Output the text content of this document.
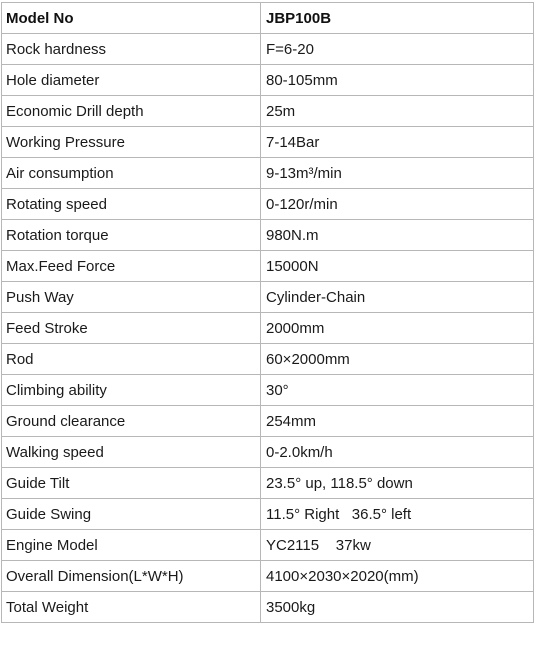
Model No	JBP100B
Rock hardness	F=6-20
Hole diameter	80-105mm
Economic Drill depth	25m
Working Pressure	7-14Bar
Air consumption	9-13m³/min
Rotating speed	0-120r/min
Rotation torque	980N.m
Max.Feed Force	15000N
Push Way	Cylinder-Chain
Feed Stroke	2000mm
Rod	60×2000mm
Climbing ability	30°
Ground clearance	254mm
Walking speed	0-2.0km/h
Guide Tilt	23.5° up, 118.5° down
Guide Swing	11.5° Right   36.5° left
Engine Model	YC2115    37kw
Overall Dimension(L*W*H)	4100×2030×2020(mm)
Total Weight	3500kg
